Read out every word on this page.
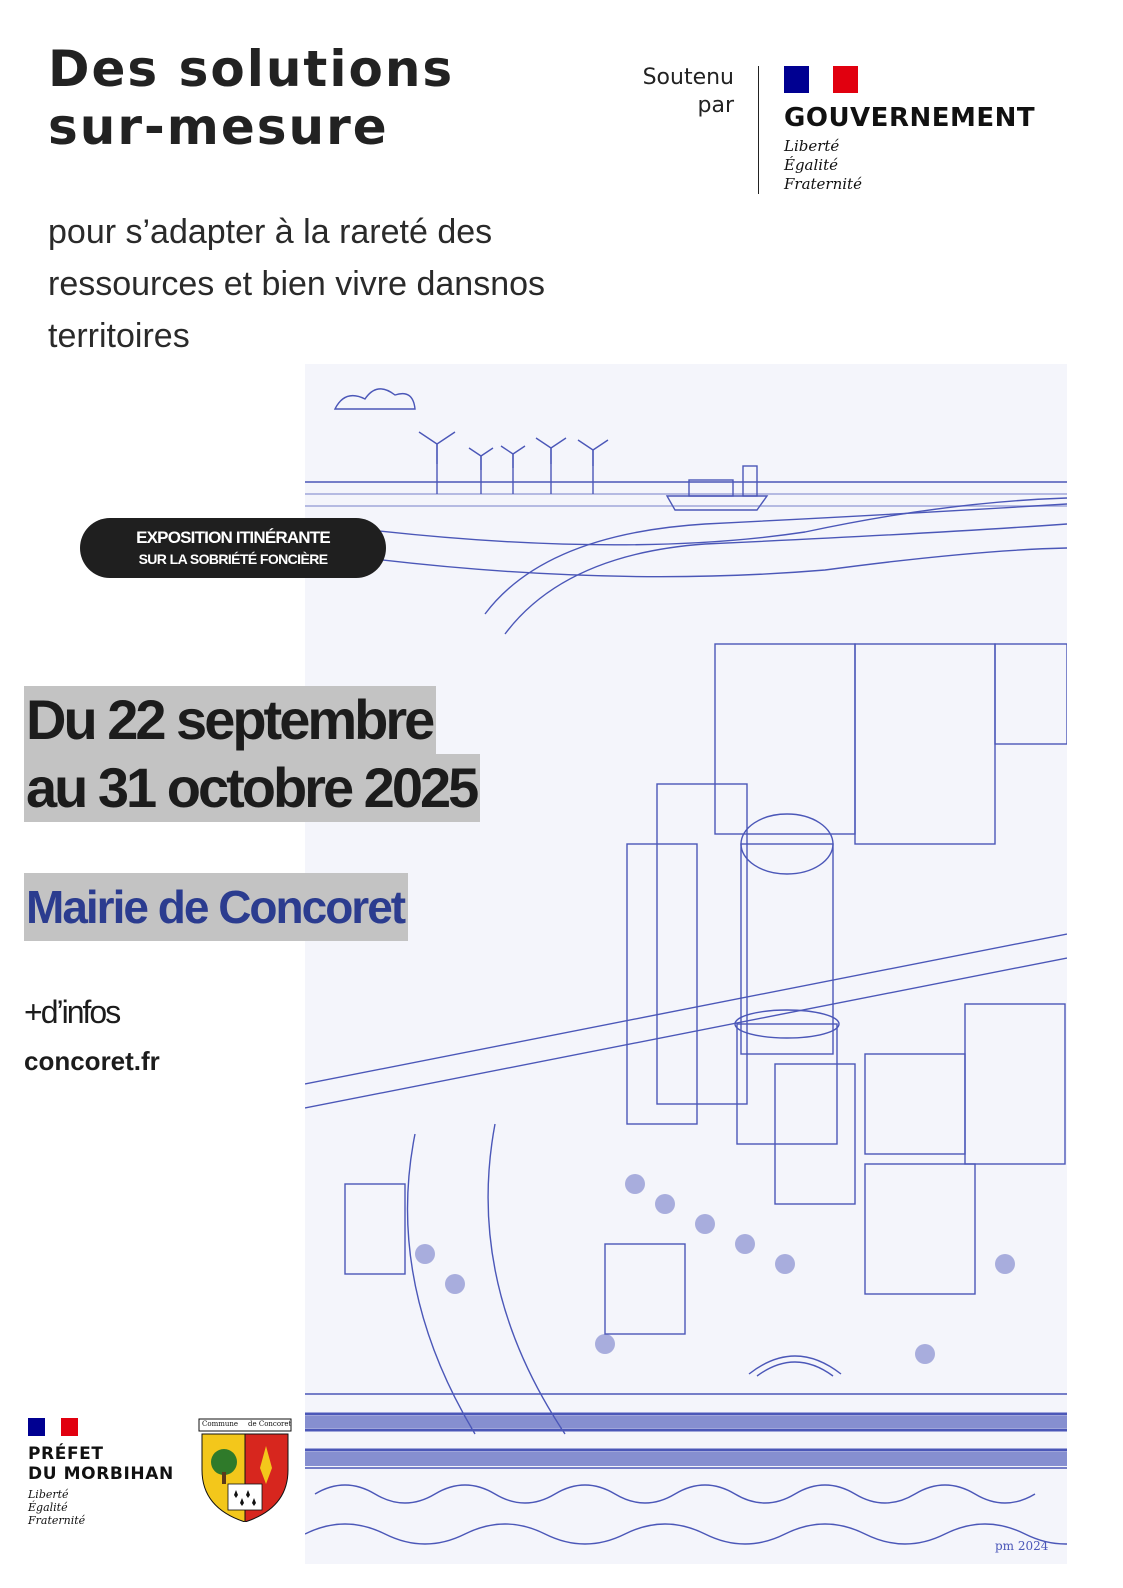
Des solutions
sur-mesure

pour s’adapter à la rareté des ressources et bien vivre dansnos territoires

Soutenu
par GOUVERNEMENT
Liberté
Égalité
Fraternité
pm 2024
EXPOSITION ITINÉRANTE
SUR LA SOBRIÉTÉ FONCIÈRE
Du 22 septembre
au 31 octobre 2025
Mairie de Concoret
+d’infos
concoret.fr
PRÉFET
DU MORBIHAN
Liberté
Égalité
Fraternité
Commune de Concoret
